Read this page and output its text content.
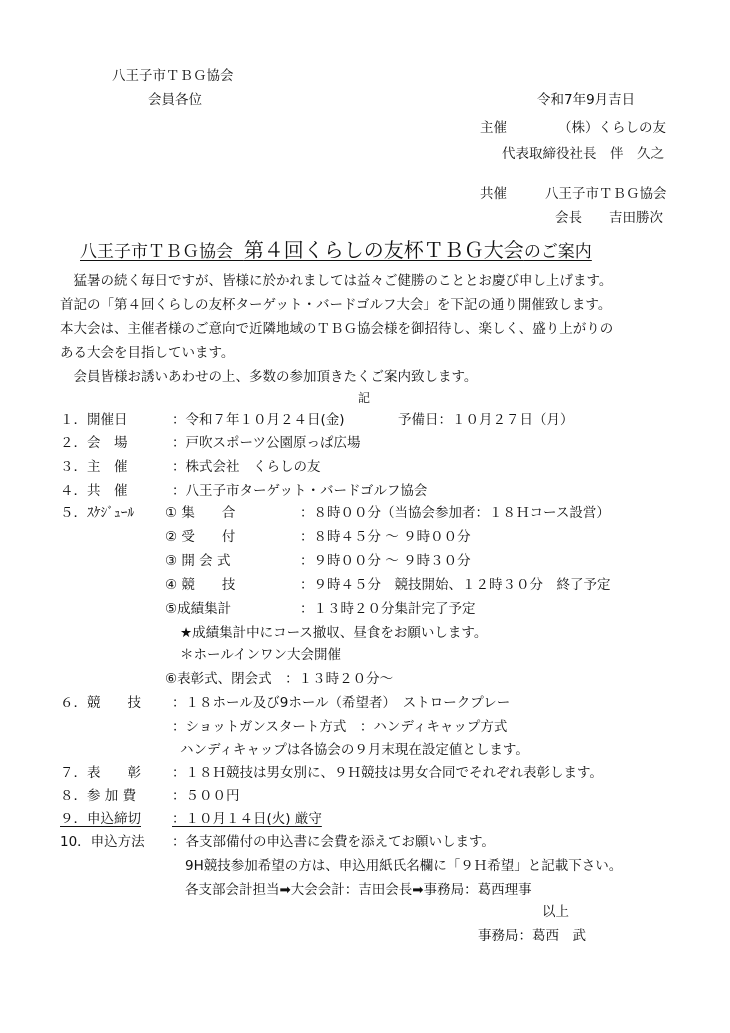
八王子市ＴＢＧ協会
会員各位	令和7年9月吉日
主催	（株）くらしの友
代表取締役社長　伴　久之
共催	八王子市ＴＢＧ協会
会長　　吉田勝次
八王子市ＴＢＧ協会 第４回くらしの友杯ＴＢＧ大会のご案内
　猛暑の続く毎日ですが、皆様に於かれましては益々ご健勝のこととお慶び申し上げます。
首記の「第４回くらしの友杯ターゲット・バードゴルフ大会」を下記の通り開催致します。
本大会は、主催者様のご意向で近隣地域のＴＢＧ協会様を御招待し、楽しく、盛り上がりの
ある大会を目指しています。
　会員皆様お誘いあわせの上、多数の参加頂きたくご案内致します。
記
１．開催日	：令和７年１０月２４日(金)	予備日：１０月２７日（月）
２．会　場	：戸吹スポーツ公園原っぱ広場
３．主　催	：株式会社　くらしの友
４．共　催	：八王子市ターゲット・バードゴルフ協会
５．ｽｹｼﾞｭｰﾙ ① 集　　合	：８時００分（当協会参加者：１８Ｈコース設営）
② 受　　付	：８時４５分 ～ ９時００分
③ 開 会 式	：９時００分 ～ ９時３０分
④ 競　　技	：９時４５分　競技開始、１２時３０分　終了予定
⑤成績集計	：１３時２０分集計完了予定
★成績集計中にコース撤収、昼食をお願いします。
＊ホールインワン大会開催
⑥表彰式、閉会式　：１３時２０分～
６．競　　技 ：１８ホール及び9ホール（希望者）　ストロークプレー
：ショットガンスタート方式　：ハンディキャップ方式
ハンディキャップは各協会の９月末現在設定値とします。
７．表　　彰 ：１８Ｈ競技は男女別に、９Ｈ競技は男女合同でそれぞれ表彰します。
８．参 加 費	：５００円
９．申込締切 ：１０月１４日(火) 厳守
10．申込方法 ：各支部備付の申込書に会費を添えてお願いします。
9H競技参加希望の方は、申込用紙氏名欄に「９Ｈ希望」と記載下さい。
各支部会計担当➡大会会計：吉田会長➡事務局：葛西理事
以上
事務局：葛西　武
